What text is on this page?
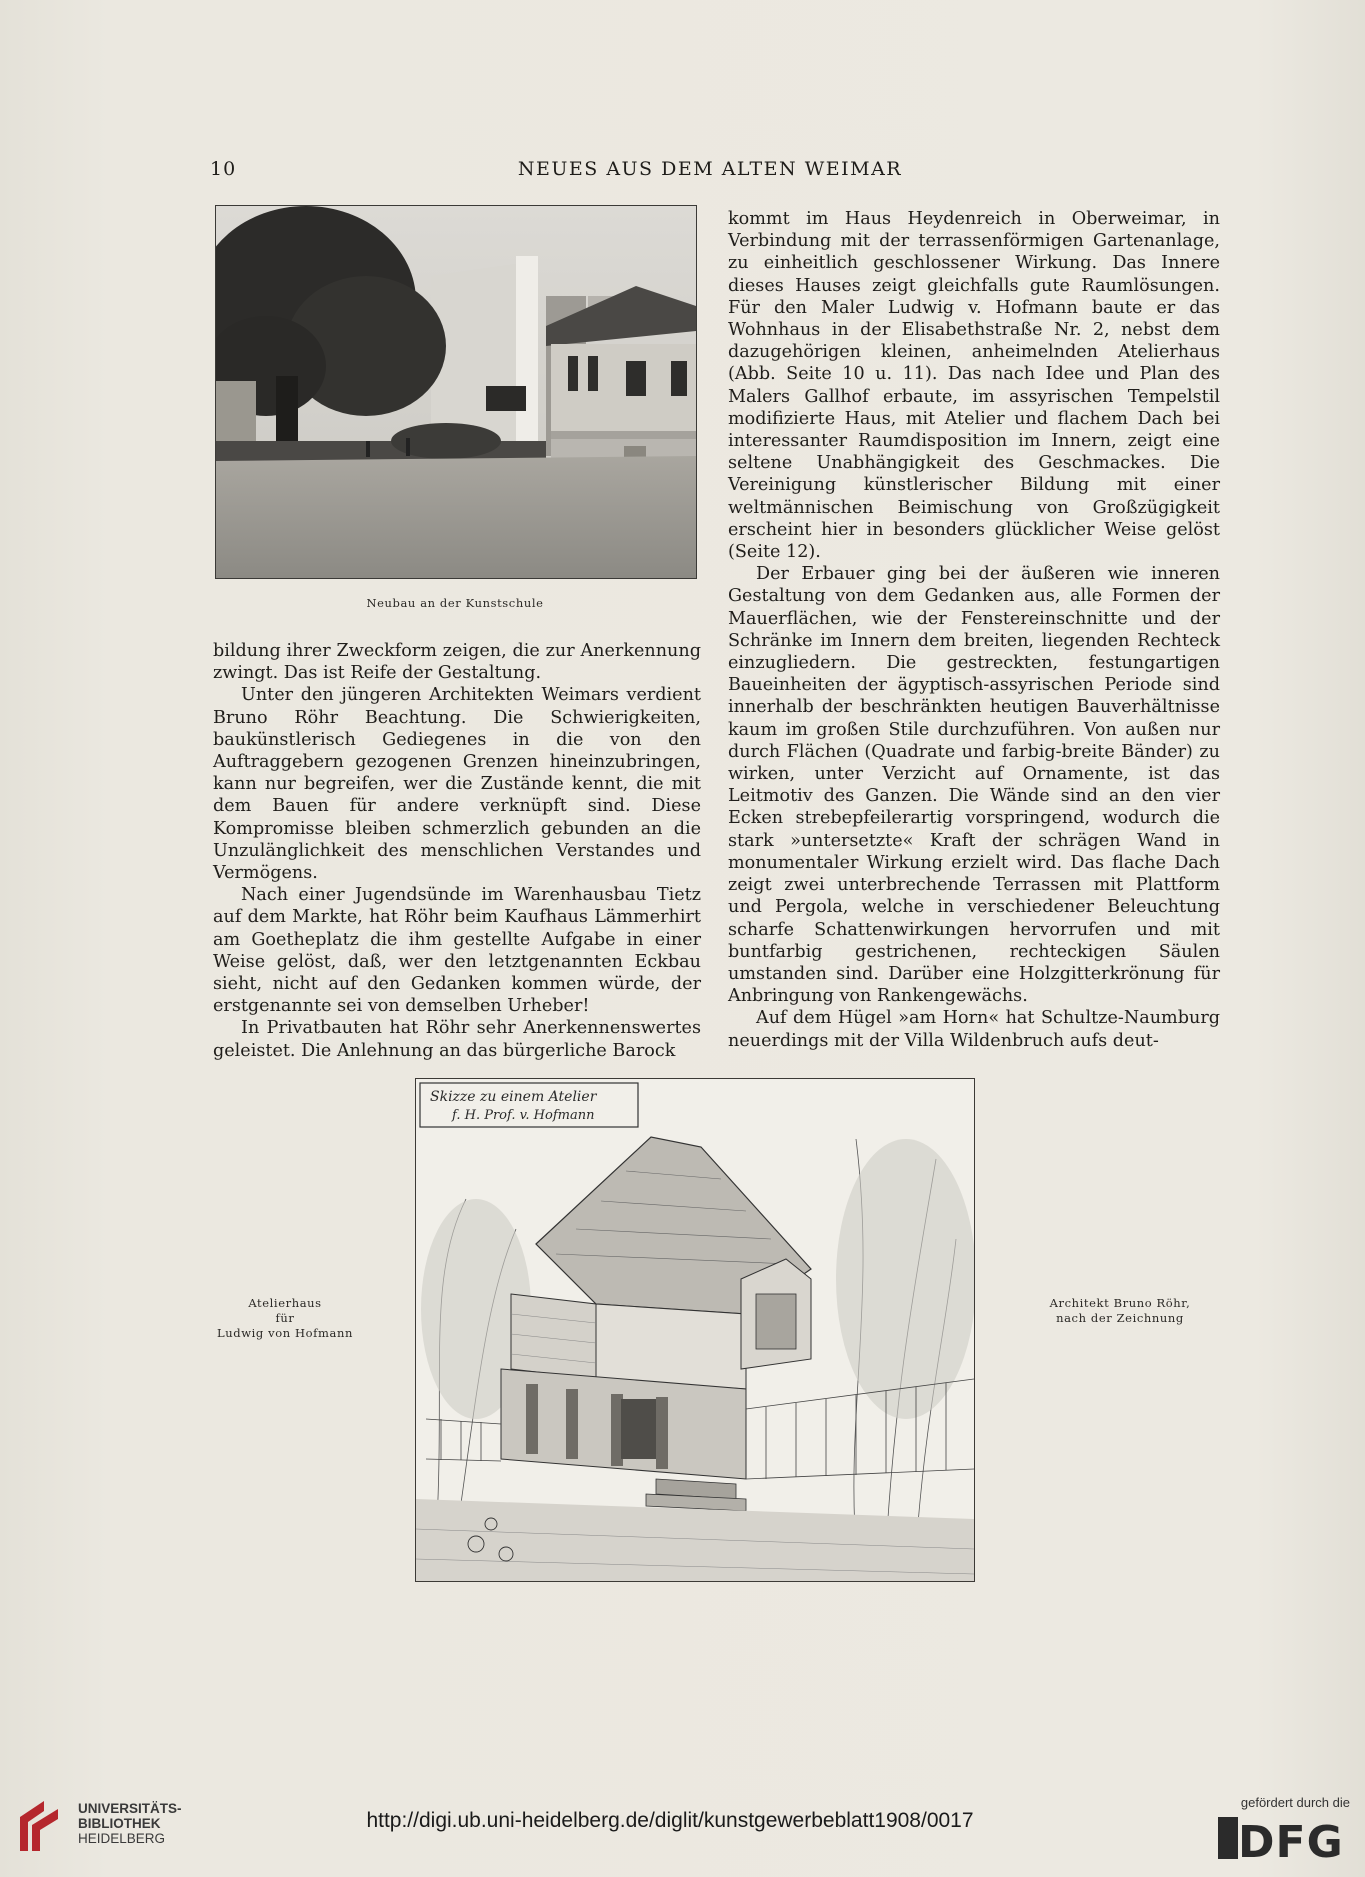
10	NEUES AUS DEM ALTEN WEIMAR
Neubau an der Kunstschule

bildung ihrer Zweckform zeigen, die zur Anerkennung zwingt. Das ist Reife der Gestaltung.

Unter den jüngeren Architekten Weimars verdient Bruno Röhr Beachtung. Die Schwierigkeiten, baukünstlerisch Gediegenes in die von den Auftraggebern gezogenen Grenzen hineinzubringen, kann nur begreifen, wer die Zustände kennt, die mit dem Bauen für andere verknüpft sind. Diese Kompromisse bleiben schmerzlich gebunden an die Unzulänglichkeit des menschlichen Verstandes und Vermögens.

Nach einer Jugendsünde im Warenhausbau Tietz auf dem Markte, hat Röhr beim Kaufhaus Lämmerhirt am Goetheplatz die ihm gestellte Aufgabe in einer Weise gelöst, daß, wer den letztgenannten Eckbau sieht, nicht auf den Gedanken kommen würde, der erstgenannte sei von demselben Urheber!

In Privatbauten hat Röhr sehr Anerkennenswertes geleistet. Die Anlehnung an das bürgerliche Barock

kommt im Haus Heydenreich in Oberweimar, in Verbindung mit der terrassenförmigen Gartenanlage, zu einheitlich geschlossener Wirkung. Das Innere dieses Hauses zeigt gleichfalls gute Raumlösungen. Für den Maler Ludwig v. Hofmann baute er das Wohnhaus in der Elisabethstraße Nr. 2, nebst dem dazugehörigen kleinen, anheimelnden Atelierhaus (Abb. Seite 10 u. 11). Das nach Idee und Plan des Malers Gallhof erbaute, im assyrischen Tempelstil modifizierte Haus, mit Atelier und flachem Dach bei interessanter Raumdisposition im Innern, zeigt eine seltene Unabhängigkeit des Geschmackes. Die Vereinigung künstlerischer Bildung mit einer weltmännischen Beimischung von Großzügigkeit erscheint hier in besonders glücklicher Weise gelöst (Seite 12).

Der Erbauer ging bei der äußeren wie inneren Gestaltung von dem Gedanken aus, alle Formen der Mauerflächen, wie der Fenstereinschnitte und der Schränke im Innern dem breiten, liegenden Rechteck einzugliedern. Die gestreckten, festungartigen Baueinheiten der ägyptisch-assyrischen Periode sind innerhalb der beschränkten heutigen Bauverhältnisse kaum im großen Stile durchzuführen. Von außen nur durch Flächen (Quadrate und farbig-breite Bänder) zu wirken, unter Verzicht auf Ornamente, ist das Leitmotiv des Ganzen. Die Wände sind an den vier Ecken strebepfeilerartig vorspringend, wodurch die stark »untersetzte« Kraft der schrägen Wand in monumentaler Wirkung erzielt wird. Das flache Dach zeigt zwei unterbrechende Terrassen mit Plattform und Pergola, welche in verschiedener Beleuchtung scharfe Schattenwirkungen hervorrufen und mit buntfarbig gestrichenen, rechteckigen Säulen umstanden sind. Darüber eine Holzgitterkrönung für Anbringung von Rankengewächs.

Auf dem Hügel »am Horn« hat Schultze-Naumburg neuerdings mit der Villa Wildenbruch aufs deut-

Atelierhaus
für
Ludwig von Hofmann
Architekt Bruno Röhr,
nach der Zeichnung
Skizze zu einem Atelier
f. H. Prof. v. Hofmann
UNIVERSITÄTS-
BIBLIOTHEK
HEIDELBERG
http://digi.ub.uni-heidelberg.de/diglit/kunstgewerbeblatt1908/0017
gefördert durch die
DFG
